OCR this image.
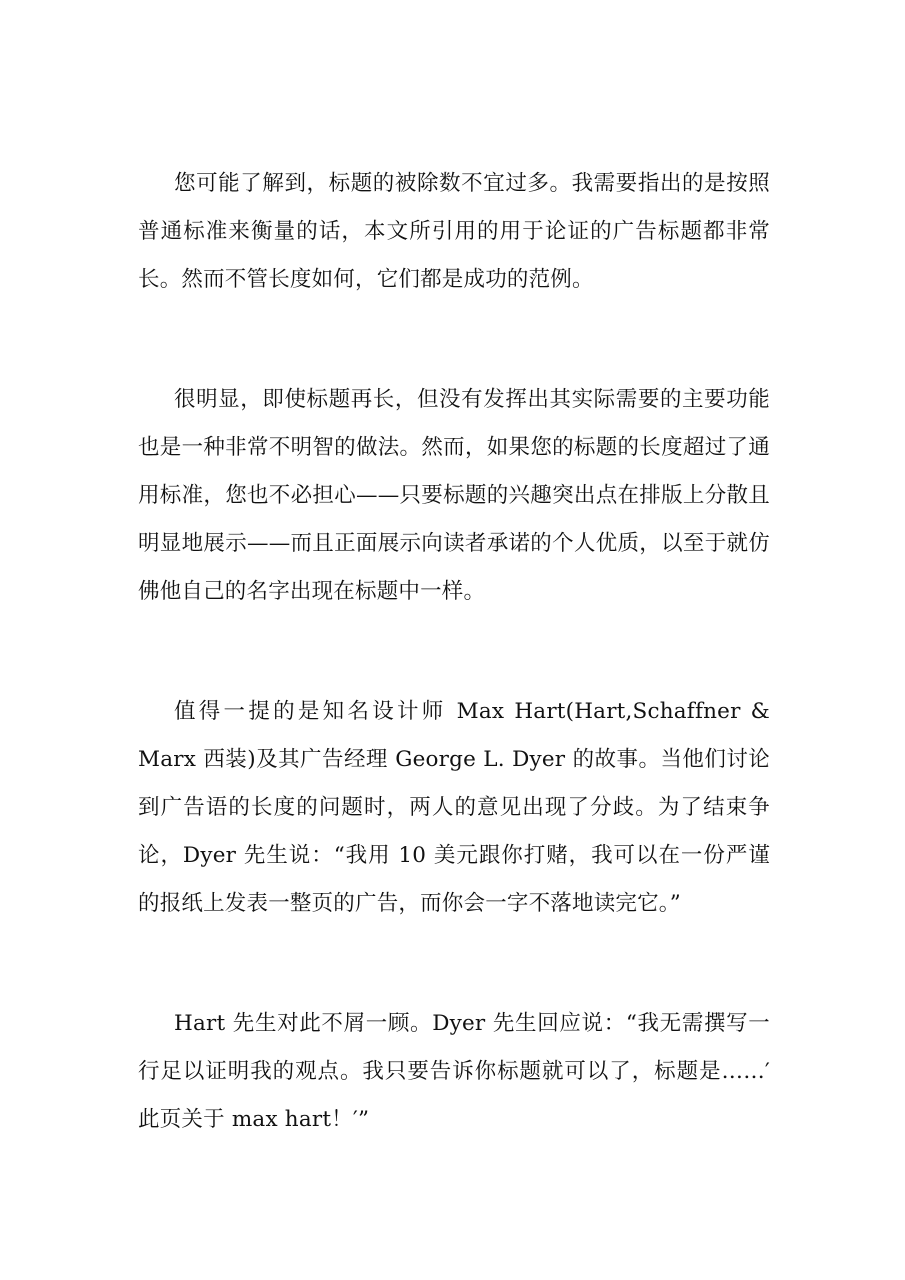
您可能了解到，标题的被除数不宜过多。我需要指出的是按照普通标准来衡量的话，本文所引用的用于论证的广告标题都非常长。然而不管长度如何，它们都是成功的范例。

很明显，即使标题再长，但没有发挥出其实际需要的主要功能也是一种非常不明智的做法。然而，如果您的标题的长度超过了通用标准，您也不必担心——只要标题的兴趣突出点在排版上分散且明显地展示——而且正面展示向读者承诺的个人优质，以至于就仿佛他自己的名字出现在标题中一样。

值得一提的是知名设计师 Max Hart(Hart,Schaffner & Marx 西装)及其广告经理 George L. Dyer 的故事。当他们讨论到广告语的长度的问题时，两人的意见出现了分歧。为了结束争论，Dyer 先生说：“我用 10 美元跟你打赌，我可以在一份严谨的报纸上发表一整页的广告，而你会一字不落地读完它。”

Hart 先生对此不屑一顾。Dyer 先生回应说：“我无需撰写一行足以证明我的观点。我只要告诉你标题就可以了，标题是……′此页关于 max hart！′”
